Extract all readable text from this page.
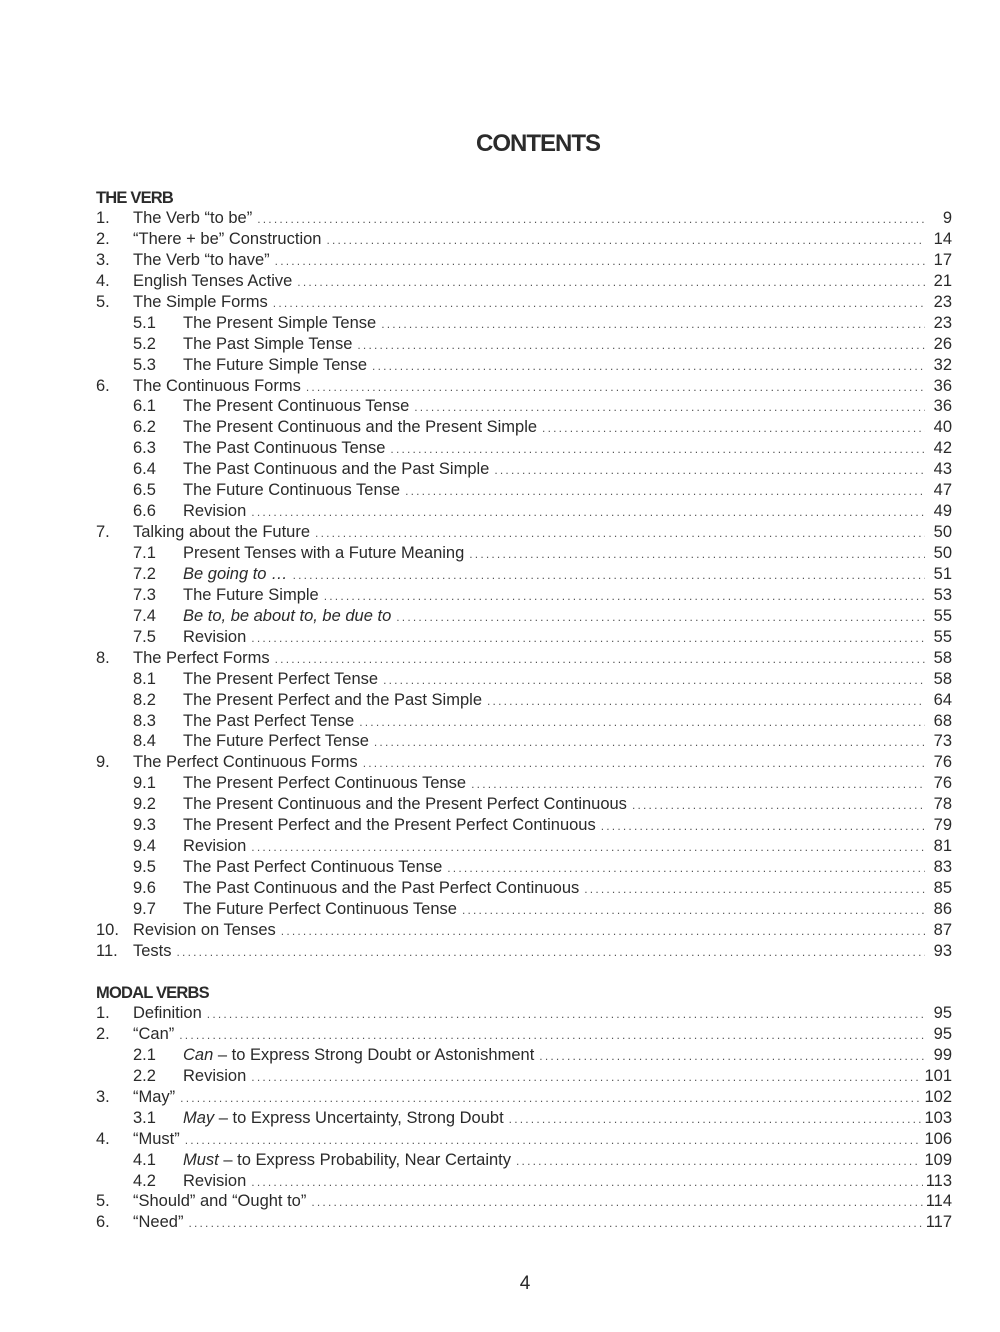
CONTENTS
THE VERB
1.	The Verb “to be” .....	9
2.	“There + be” Construction .....	14
3.	The Verb “to have” .....	17
4.	English Tenses Active .....	21
5.	The Simple Forms .....	23
5.1	The Present Simple Tense .....	23
5.2	The Past Simple Tense .....	26
5.3	The Future Simple Tense .....	32
6.	The Continuous Forms .....	36
6.1	The Present Continuous Tense .....	36
6.2	The Present Continuous and the Present Simple .....	40
6.3	The Past Continuous Tense .....	42
6.4	The Past Continuous and the Past Simple .....	43
6.5	The Future Continuous Tense .....	47
6.6	Revision .....	49
7.	Talking about the Future .....	50
7.1	Present Tenses with a Future Meaning .....	50
7.2	Be going to … .....	51
7.3	The Future Simple .....	53
7.4	Be to, be about to, be due to .....	55
7.5	Revision .....	55
8.	The Perfect Forms .....	58
8.1	The Present Perfect Tense .....	58
8.2	The Present Perfect and the Past Simple .....	64
8.3	The Past Perfect Tense .....	68
8.4	The Future Perfect Tense .....	73
9.	The Perfect Continuous Forms .....	76
9.1	The Present Perfect Continuous Tense .....	76
9.2	The Present Continuous and the Present Perfect Continuous .....	78
9.3	The Present Perfect and the Present Perfect Continuous .....	79
9.4	Revision .....	81
9.5	The Past Perfect Continuous Tense .....	83
9.6	The Past Continuous and the Past Perfect Continuous .....	85
9.7	The Future Perfect Continuous Tense .....	86
10. Revision on Tenses .....	87
11. Tests .....	93
MODAL VERBS
1.	Definition .....	95
2.	“Can” .....	95
2.1	Can – to Express Strong Doubt or Astonishment .....	99
2.2	Revision .....	101
3.	“May” .....	102
3.1	May – to Express Uncertainty, Strong Doubt .....	103
4.	“Must” .....	106
4.1	Must – to Express Probability, Near Certainty .....	109
4.2	Revision .....	113
5.	“Should” and “Ought to” .....	114
6.	“Need” .....	117
4
